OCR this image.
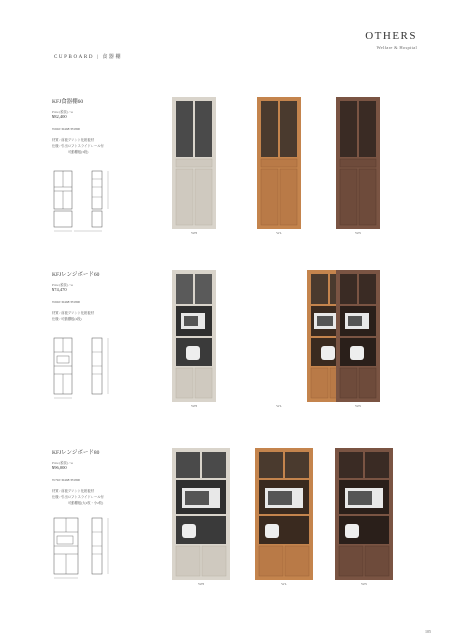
OTHERS
Welfare & Hospital
CUPBOARD | 食器棚
KFJ食器棚60
Price (税抜) / \u
¥82,400
W602×D468×H1800
材質 / 前板プリント化粧板材
仕様 / 引出ロフトスライドレール付
可動棚板(3段)
WH	WL	WN
KFJレンジボード60
Price (税抜) / \u
¥74,470
W602×D468×H1800
材質 / 前板プリント化粧板材
仕様 / 可動棚板(2段)
WH	WL	WN
KFJレンジボード80
Price (税抜) / \u
¥96,000
W792×D468×H1800
材質 / 前板プリント化粧板材
仕様 / 引出ロフトスライドレール付
可動棚板(大2枚・小2枚)
WH	WL	WN
105
